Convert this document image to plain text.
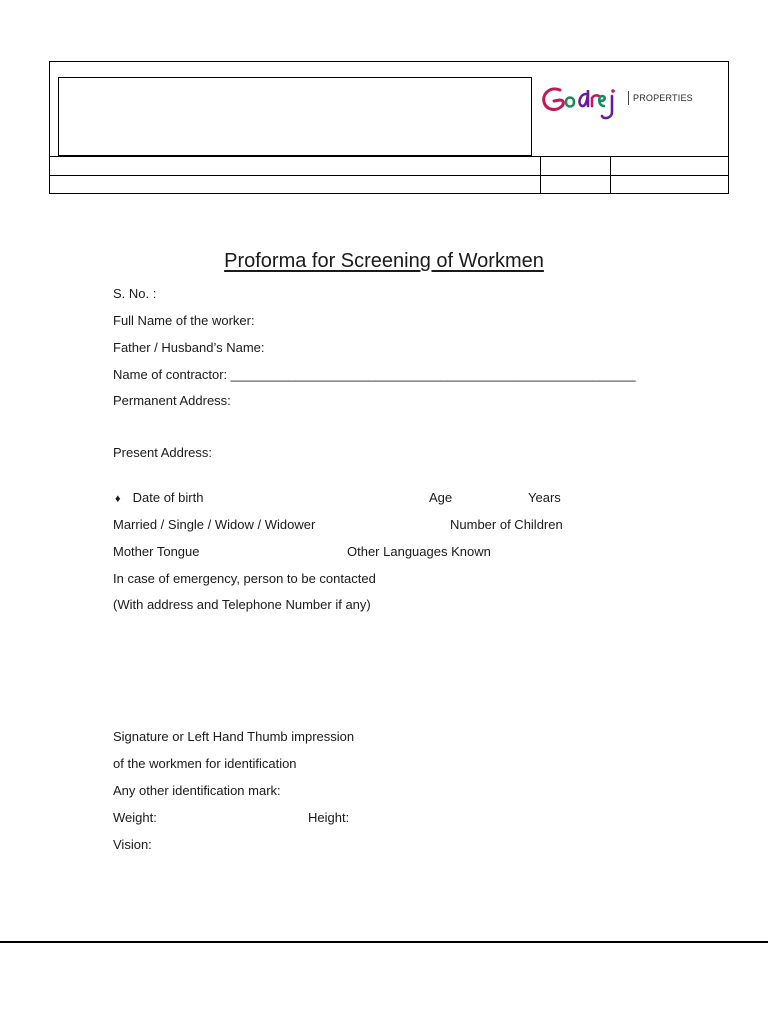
PROPERTIES
Proforma for Screening of Workmen
S. No. :
Full Name of the worker:
Father / Husband’s Name:
Name of contractor: ________________________________________________________
Permanent Address:
Present Address:
♦ Date of birth	Age	Years
Married / Single / Widow / Widower	Number of Children
Mother Tongue	Other Languages Known
In case of emergency, person to be contacted
(With address and Telephone Number if any)
Signature or Left Hand Thumb impression
of the workmen for identification
Any other identification mark:
Weight:	Height:
Vision:
